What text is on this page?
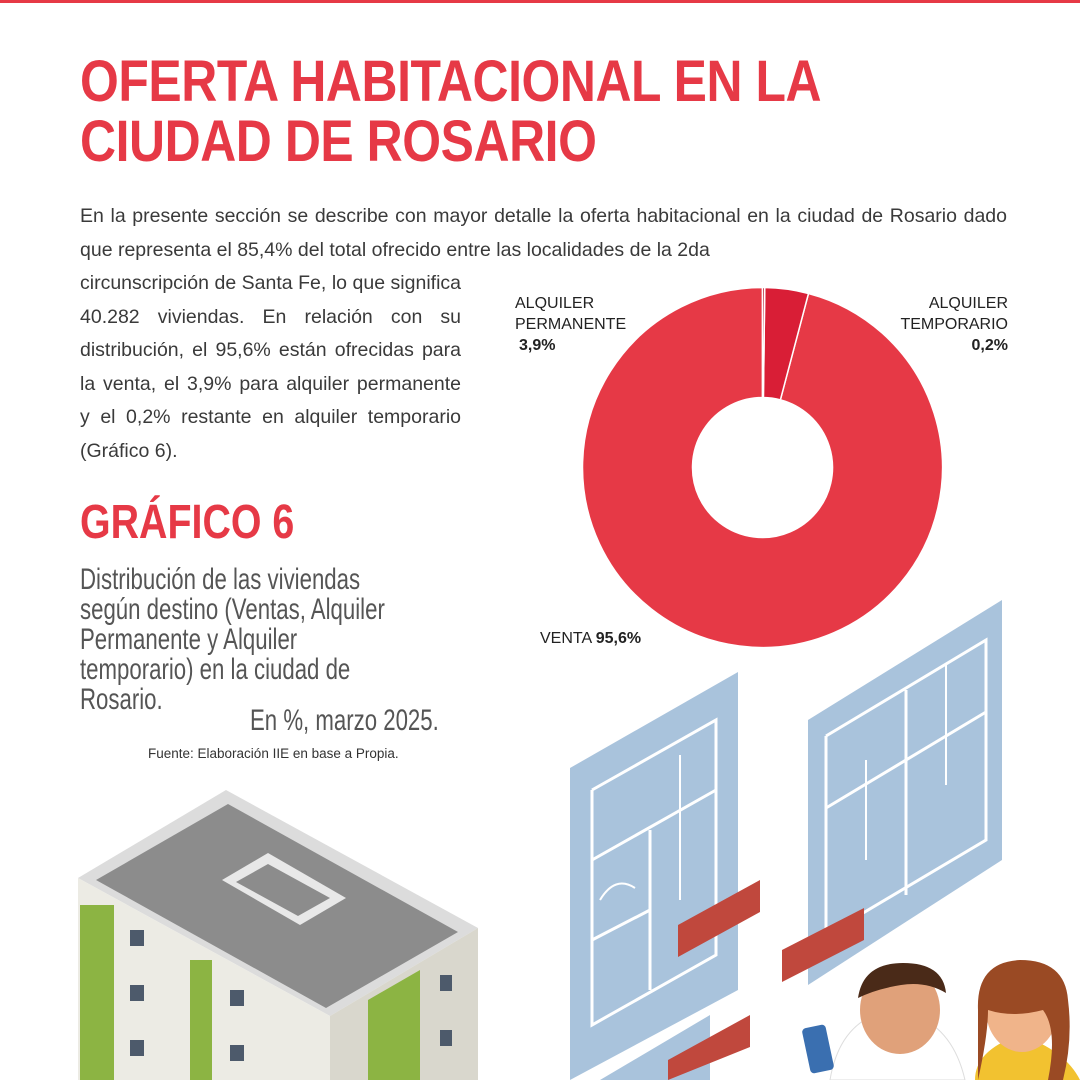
OFERTA HABITACIONAL EN LA
CIUDAD DE ROSARIO

En la presente sección se describe con mayor detalle la oferta habitacional en la ciudad de Rosario dado que representa el 85,4% del total ofrecido entre las localidades de la 2da

circunscripción de Santa Fe, lo que significa 40.282 viviendas. En relación con su distribución, el 95,6% están ofrecidas para la venta, el 3,9% para alquiler permanente y el 0,2% restante en alquiler temporario (Gráfico 6).

GRÁFICO 6

Distribución de las viviendas según destino (Ventas, Alquiler Permanente y Alquiler temporario) en la ciudad de Rosario.

En %, marzo 2025.

Fuente: Elaboración IIE en base a Propia.

ALQUILER
PERMANENTE
3,9%
ALQUILER
TEMPORARIO
0,2%
VENTA 95,6%
